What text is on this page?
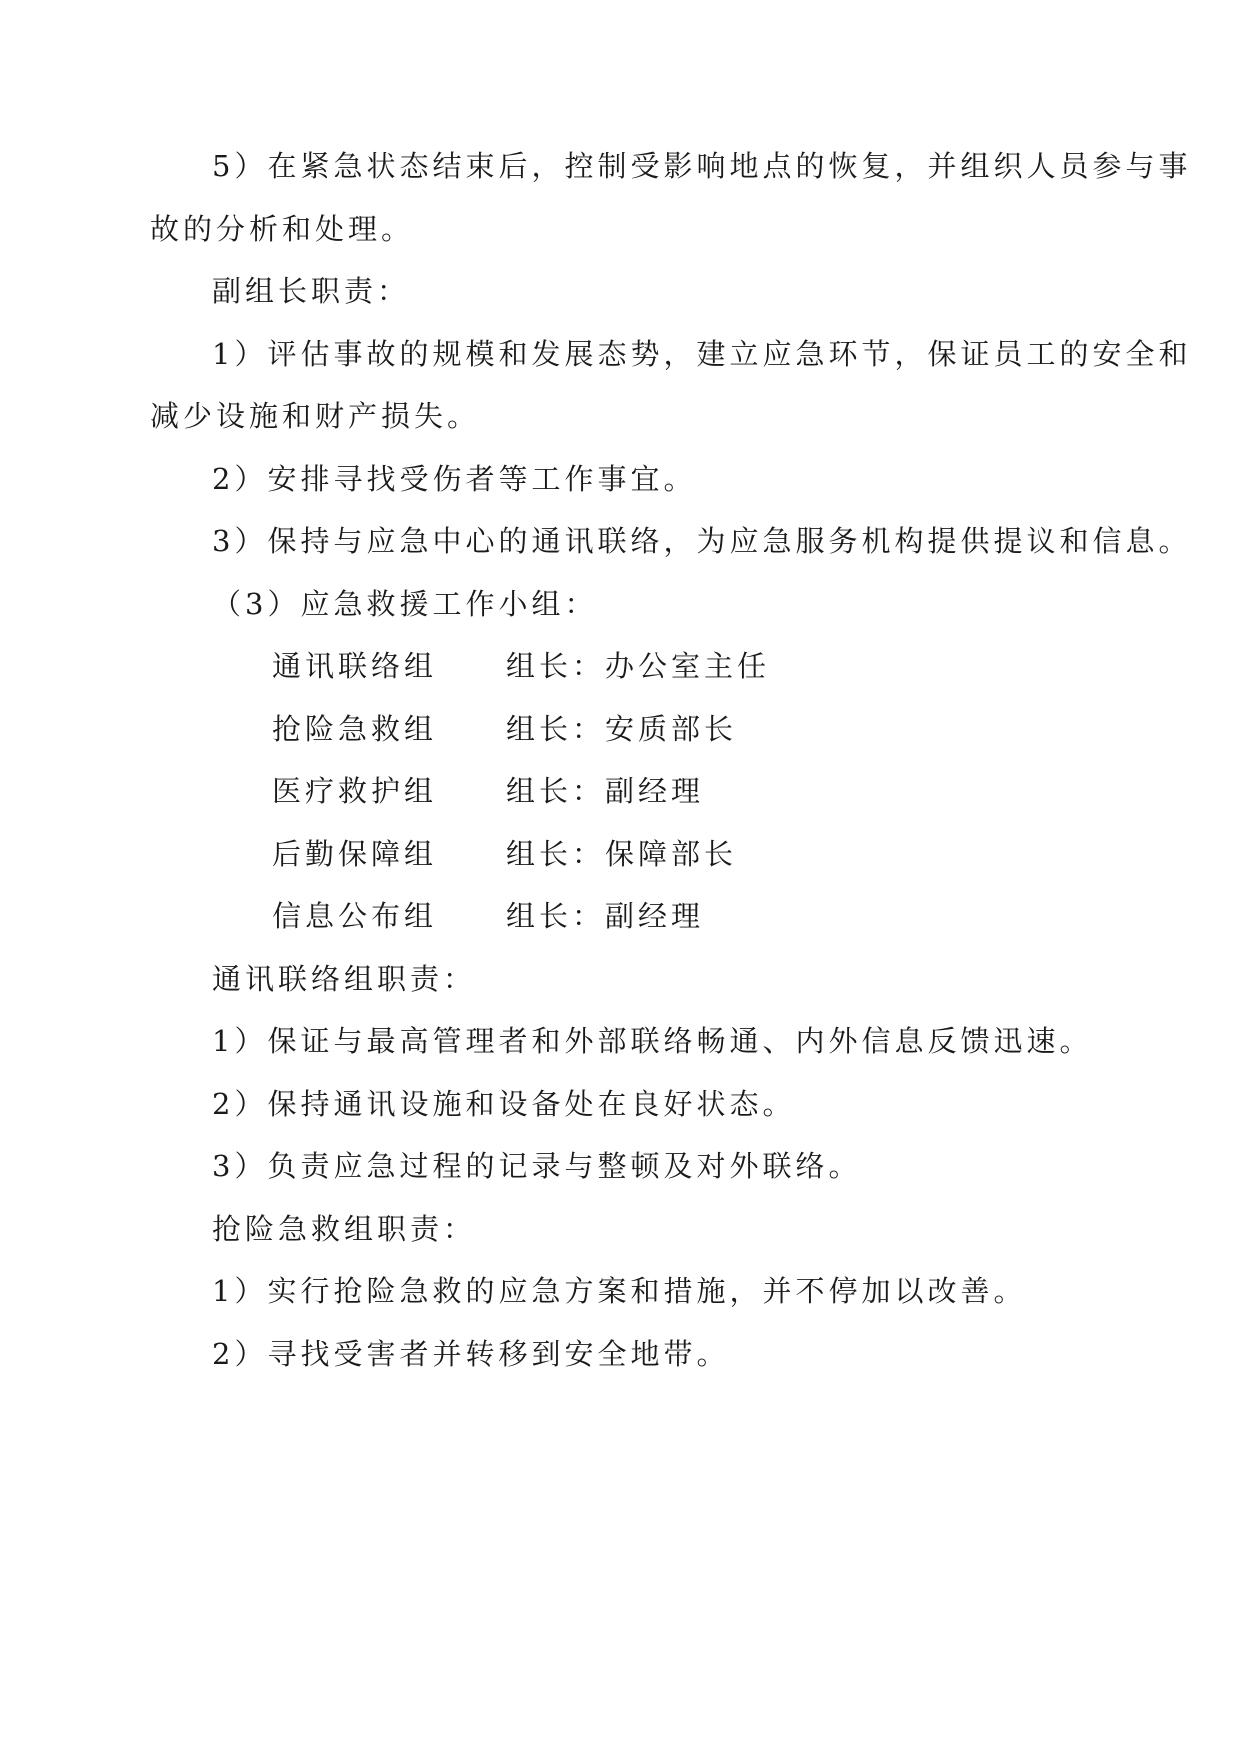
5）在紧急状态结束后，控制受影响地点的恢复，并组织人员参与事
故的分析和处理。
副组长职责：
1）评估事故的规模和发展态势，建立应急环节，保证员工的安全和
减少设施和财产损失。
2）安排寻找受伤者等工作事宜。
3）保持与应急中心的通讯联络，为应急服务机构提供提议和信息。
（3）应急救援工作小组：
通讯联络组 组长：办公室主任
抢险急救组 组长：安质部长
医疗救护组 组长：副经理
后勤保障组 组长：保障部长
信息公布组 组长：副经理
通讯联络组职责：
1）保证与最高管理者和外部联络畅通、内外信息反馈迅速。
2）保持通讯设施和设备处在良好状态。
3）负责应急过程的记录与整顿及对外联络。
抢险急救组职责：
1）实行抢险急救的应急方案和措施，并不停加以改善。
2）寻找受害者并转移到安全地带。
